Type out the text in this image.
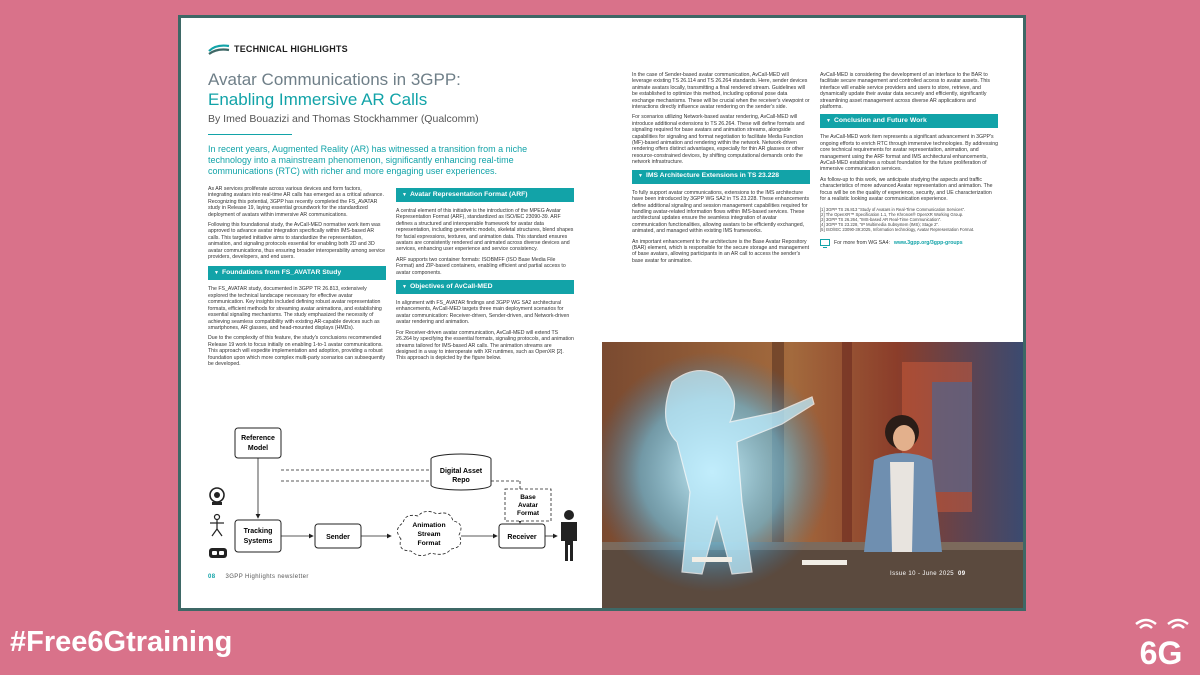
TECHNICAL HIGHLIGHTS
Avatar Communications in 3GPP:
Enabling Immersive AR Calls
By Imed Bouazizi and Thomas Stockhammer (Qualcomm)
In recent years, Augmented Reality (AR) has witnessed a transition from a niche technology into a mainstream phenomenon, significantly enhancing real-time communications (RTC) with richer and more engaging user experiences.

As AR services proliferate across various devices and form factors, integrating avatars into real-time AR calls has emerged as a critical advance. Recognizing this potential, 3GPP has recently completed the FS_AVATAR study in Release 19, laying essential groundwork for the standardized deployment of avatars within immersive AR communications.

Following this foundational study, the AvCall-MED normative work item was approved to advance avatar integration specifically within IMS-based AR calls. This targeted initiative aims to standardize the representation, animation, and signaling protocols essential for enabling both 2D and 3D avatar communications, thus ensuring broader interoperability among service providers, developers, and end users.

▼ Foundations from FS_AVATAR Study

The FS_AVATAR study, documented in 3GPP TR 26.813, extensively explored the technical landscape necessary for effective avatar communication. Key insights included defining robust avatar representation formats, efficient methods for streaming avatar animations, and establishing essential signaling mechanisms. The study emphasized the necessity of achieving seamless compatibility with existing AR-capable devices such as smartphones, AR glasses, and head-mounted displays (HMDs).

Due to the complexity of this feature, the study's conclusions recommended Release 19 work to focus initially on enabling 1-to-1 avatar communications. This approach will expedite implementation and adoption, providing a robust foundation upon which more complex multi-party scenarios can subsequently be developed.

▼ Avatar Representation Format (ARF)

A central element of this initiative is the introduction of the MPEG Avatar Representation Format (ARF), standardized as ISO/IEC 23090-39. ARF defines a structured and interoperable framework for avatar data representation, including geometric models, skeletal structures, blend shapes for facial expressions, textures, and animation data. This standard ensures avatars are consistently rendered and animated across diverse devices and services, enhancing user experience and service consistency.

ARF supports two container formats: ISOBMFF (ISO Base Media File Format) and ZIP-based containers, enabling efficient and partial access to avatar components.

▼ Objectives of AvCall-MED

In alignment with FS_AVATAR findings and 3GPP WG SA2 architectural enhancements, AvCall-MED targets three main deployment scenarios for avatar communication: Receiver-driven, Sender-driven, and Network-driven avatar rendering and animation.

For Receiver-driven avatar communication, AvCall-MED will extend TS 26.264 by specifying the essential formats, signaling protocols, and animation streams tailored for IMS-based AR calls. The animation streams are designed in a way to interoperate with XR runtimes, such as OpenXR [2]. This approach is depicted by the figure below.

Reference
Model
Digital Asset
Repo
Base
Avatar
Format
Tracking
Systems
Sender
Animation
Stream
Format
Receiver
08 3GPP Highlights newsletter

In the case of Sender-based avatar communication, AvCall-MED will leverage existing TS 26.114 and TS 26.264 standards. Here, sender devices animate avatars locally, transmitting a final rendered stream. Guidelines will be established to optimize this method, including optional pose data exchange mechanisms. These will be crucial when the receiver's viewpoint or interactions directly influence avatar rendering on the sender's side.

For scenarios utilizing Network-based avatar rendering, AvCall-MED will introduce additional extensions to TS 26.264. These will define formats and signaling required for base avatars and animation streams, alongside capabilities for signaling and format negotiation to facilitate Media Function (MF)-based animation and rendering within the network. Network-driven rendering offers distinct advantages, especially for thin AR glasses or other resource-constrained devices, by shifting computational demands onto the network infrastructure.

▼ IMS Architecture Extensions in TS 23.228

To fully support avatar communications, extensions to the IMS architecture have been introduced by 3GPP WG SA2 in TS 23.228. These enhancements define additional signaling and session management capabilities required for handling avatar-related information flows within IMS-based services. These architectural updates ensure the seamless integration of avatar communication functionalities, allowing avatars to be efficiently exchanged, animated, and managed within existing IMS frameworks.

An important enhancement to the architecture is the Base Avatar Repository (BAR) element, which is responsible for the secure storage and management of base avatars, allowing participants in an AR call to access the sender's base avatar for animation.

AvCall-MED is considering the development of an interface to the BAR to facilitate secure management and controlled access to avatar assets. This interface will enable service providers and users to store, retrieve, and dynamically update their avatar data securely and efficiently, significantly streamlining asset management across diverse AR applications and platforms.

▼ Conclusion and Future Work

The AvCall-MED work item represents a significant advancement in 3GPP's ongoing efforts to enrich RTC through immersive technologies. By addressing core technical requirements for avatar representation, animation, and management using the ARF format and IMS architectural enhancements, AvCall-MED establishes a robust foundation for the future proliferation of immersive communication services.

As follow-up to this work, we anticipate studying the aspects and traffic characteristics of more advanced Avatar representation and animation. The focus will be on the quality of experience, security, and UE characterization for a realistic looking avatar communication experience.

[1] 3GPP TS 26.813 "Study of Avatars in Real-Time Communication Services".
[2] The OpenXR™ Specification 1.1, The Khronos® OpenXR Working Group.
[3] 3GPP TS 26.264, "IMS-based AR Real-Time Communication".
[4] 3GPP TS 23.228, "IP Multimedia Subsystem (IMS); Stage 2".
[5] ISO/IEC 23090-39:2025, Information technology, Avatar Representation Format.
For more from WG SA4: www.3gpp.org/3gpp-groups
Issue 10 - June 2025 09
#Free6Gtraining	6G
